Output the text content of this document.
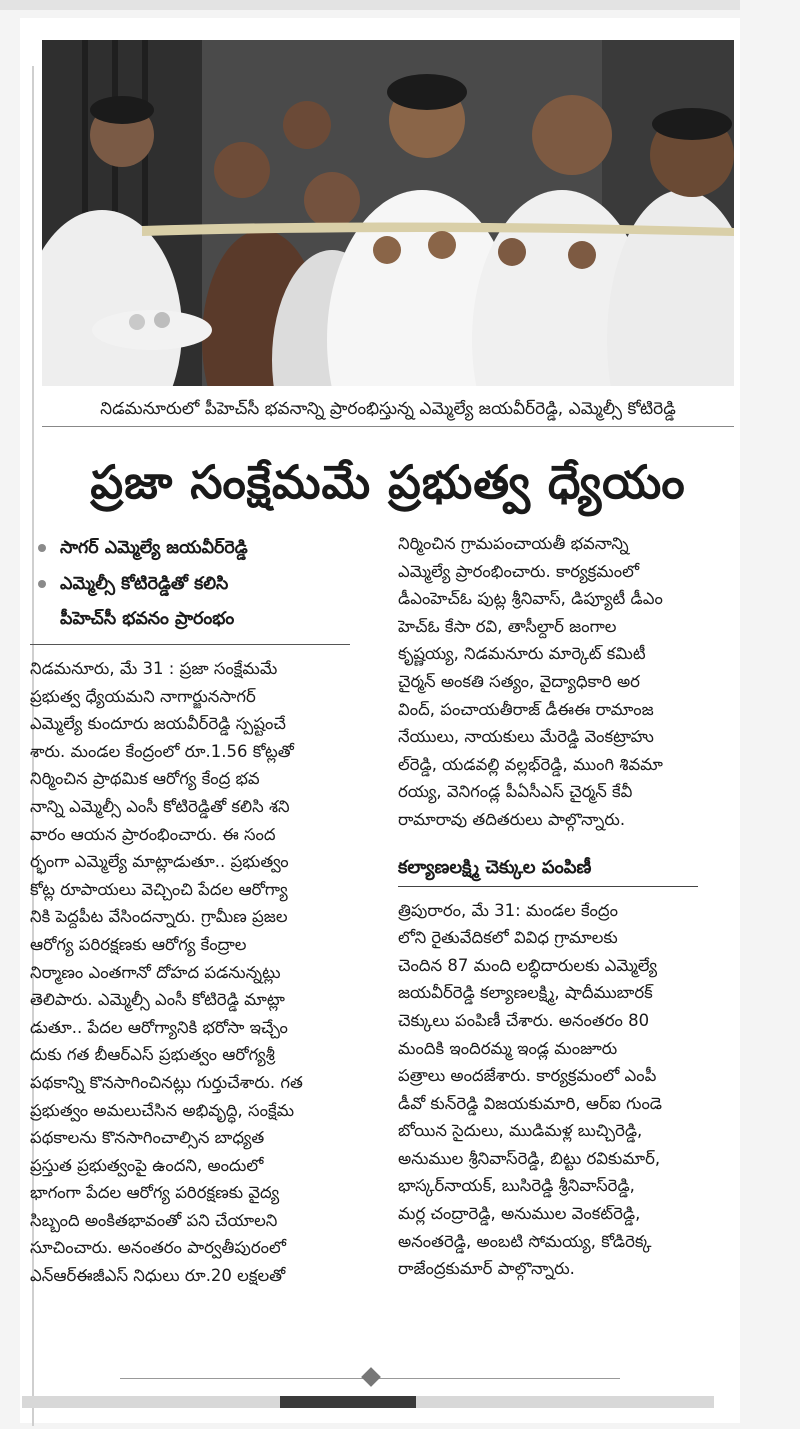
నిడమనూరులో పీహెచ్‌సీ భవనాన్ని ప్రారంభిస్తున్న ఎమ్మెల్యే జయవీర్‌రెడ్డి, ఎమ్మెల్సీ కోటిరెడ్డి
ప్రజా సంక్షేమమే ప్రభుత్వ ధ్యేయం
సాగర్‌ ఎమ్మెల్యే జయవీర్‌రెడ్డి
ఎమ్మెల్సీ కోటిరెడ్డితో కలిసి
పీహెచ్‌సీ భవనం ప్రారంభం
నిడమనూరు, మే 31 : ప్రజా సంక్షేమమే
ప్రభుత్వ ధ్యేయమని నాగార్జునసాగర్‌
ఎమ్మెల్యే కుందూరు జయవీర్‌రెడ్డి స్పష్టంచే
శారు. మండల కేంద్రంలో రూ.1.56 కోట్లతో
నిర్మించిన ప్రాథమిక ఆరోగ్య కేంద్ర భవ
నాన్ని ఎమ్మెల్సీ ఎంసీ కోటిరెడ్డితో కలిసి శని
వారం ఆయన ప్రారంభించారు. ఈ సంద
ర్భంగా ఎమ్మెల్యే మాట్లాడుతూ.. ప్రభుత్వం
కోట్ల రూపాయలు వెచ్చించి పేదల ఆరోగ్యా
నికి పెద్దపీట వేసిందన్నారు. గ్రామీణ ప్రజల
ఆరోగ్య పరిరక్షణకు ఆరోగ్య కేంద్రాల
నిర్మాణం ఎంతగానో దోహద పడనున్నట్లు
తెలిపారు. ఎమ్మెల్సీ ఎంసీ కోటిరెడ్డి మాట్లా
డుతూ.. పేదల ఆరోగ్యానికి భరోసా ఇచ్చేం
దుకు గత బీఆర్‌ఎస్‌ ప్రభుత్వం ఆరోగ్యశ్రీ
పథకాన్ని కొనసాగించినట్లు గుర్తుచేశారు. గత
ప్రభుత్వం అమలుచేసిన అభివృద్ధి, సంక్షేమ
పథకాలను కొనసాగించాల్సిన బాధ్యత
ప్రస్తుత ప్రభుత్వంపై ఉందని, అందులో
భాగంగా పేదల ఆరోగ్య పరిరక్షణకు వైద్య
సిబ్బంది అంకితభావంతో పని చేయాలని
సూచించారు. అనంతరం పార్వతీపురంలో
ఎన్‌ఆర్‌ఈజీఎస్‌ నిధులు రూ.20 లక్షలతో
నిర్మించిన గ్రామపంచాయతీ భవనాన్ని
ఎమ్మెల్యే ప్రారంభించారు. కార్యక్రమంలో
డీఎంహెచ్‌ఓ పుట్ల శ్రీనివాస్‌, డిప్యూటీ డీఎం
హెచ్‌ఓ కేసా రవి, తాసీల్దార్‌ జంగాల
కృష్ణయ్య, నిడమనూరు మార్కెట్‌ కమిటీ
చైర్మన్‌ అంకతి సత్యం, వైద్యాధికారి అర
వింద్‌, పంచాయతీరాజ్‌ డీఈఈ రామాంజ
నేయులు, నాయకులు మేరెడ్డి వెంకట్రాహు
ల్‌రెడ్డి, యడవల్లి వల్లభ్‌రెడ్డి, ముంగి శివమా
రయ్య, వెనిగండ్ల పీఏసీఎస్‌ చైర్మన్‌ కేవీ
రామారావు తదితరులు పాల్గొన్నారు.
కల్యాణలక్ష్మి చెక్కుల పంపిణీ
త్రిపురారం, మే 31: మండల కేంద్రం
లోని రైతువేదికలో వివిధ గ్రామాలకు
చెందిన 87 మంది లబ్ధిదారులకు ఎమ్మెల్యే
జయవీర్‌రెడ్డి కల్యాణలక్ష్మి, షాదీముబారక్‌
చెక్కులు పంపిణీ చేశారు. అనంతరం 80
మందికి ఇందిరమ్మ ఇండ్ల మంజూరు
పత్రాలు అందజేశారు. కార్యక్రమంలో ఎంపీ
డీవో కున్‌రెడ్డి విజయకుమారి, ఆర్‌ఐ గుండె
బోయిన సైదులు, ముడిమళ్ల బుచ్చిరెడ్డి,
అనుముల శ్రీనివాస్‌రెడ్డి, బిట్టు రవికుమార్‌,
భాస్కర్‌నాయక్‌, బుసిరెడ్డి శ్రీనివాస్‌రెడ్డి,
మర్ల చంద్రారెడ్డి, అనుముల వెంకట్‌రెడ్డి,
అనంతరెడ్డి, అంబటి సోమయ్య, కోడిరెక్క
రాజేంద్రకుమార్‌ పాల్గొన్నారు.
